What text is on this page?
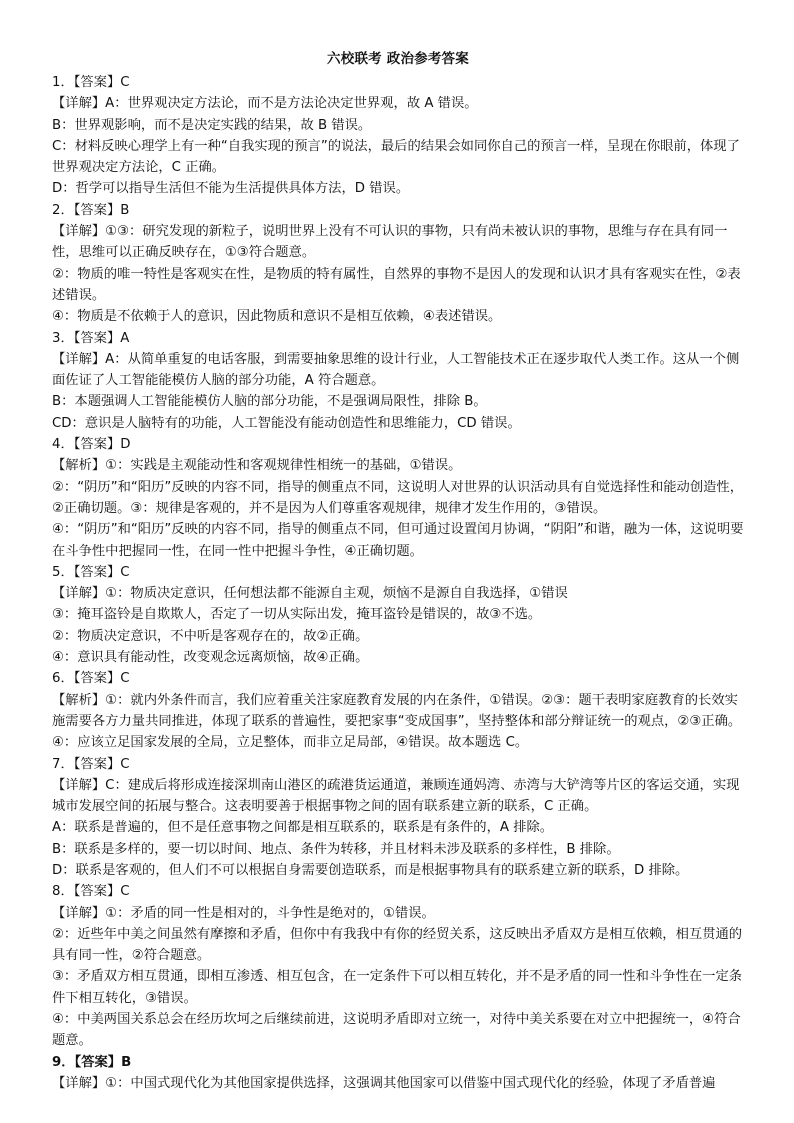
六校联考 政治参考答案

1．【答案】C

【详解】A：世界观决定方法论，而不是方法论决定世界观，故 A 错误。

B：世界观影响，而不是决定实践的结果，故 B 错误。

C：材料反映心理学上有一种“自我实现的预言”的说法，最后的结果会如同你自己的预言一样，呈现在你眼前，体现了世界观决定方法论，C 正确。

D：哲学可以指导生活但不能为生活提供具体方法，D 错误。

2．【答案】B

【详解】①③：研究发现的新粒子，说明世界上没有不可认识的事物，只有尚未被认识的事物，思维与存在具有同一性，思维可以正确反映存在，①③符合题意。

②：物质的唯一特性是客观实在性，是物质的特有属性，自然界的事物不是因人的发现和认识才具有客观实在性，②表述错误。

④：物质是不依赖于人的意识，因此物质和意识不是相互依赖，④表述错误。

3．【答案】A

【详解】A：从简单重复的电话客服，到需要抽象思维的设计行业，人工智能技术正在逐步取代人类工作。这从一个侧面佐证了人工智能能模仿人脑的部分功能，A 符合题意。

B：本题强调人工智能能模仿人脑的部分功能，不是强调局限性，排除 B。

CD：意识是人脑特有的功能，人工智能没有能动创造性和思维能力，CD 错误。

4．【答案】D

【解析】①：实践是主观能动性和客观规律性相统一的基础，①错误。

②：“阴历”和“阳历”反映的内容不同，指导的侧重点不同，这说明人对世界的认识活动具有自觉选择性和能动创造性，②正确切题。③：规律是客观的，并不是因为人们尊重客观规律，规律才发生作用的，③错误。

④：“阴历”和“阳历”反映的内容不同，指导的侧重点不同，但可通过设置闰月协调，“阴阳”和谐，融为一体，这说明要在斗争性中把握同一性，在同一性中把握斗争性，④正确切题。

5．【答案】C

【详解】①：物质决定意识，任何想法都不能源自主观，烦恼不是源自自我选择，①错误

③：掩耳盗铃是自欺欺人，否定了一切从实际出发，掩耳盗铃是错误的，故③不选。

②：物质决定意识，不中听是客观存在的，故②正确。

④：意识具有能动性，改变观念远离烦恼，故④正确。

6．【答案】C

【解析】①：就内外条件而言，我们应着重关注家庭教育发展的内在条件，①错误。②③：题干表明家庭教育的长效实施需要各方力量共同推进，体现了联系的普遍性，要把家事“变成国事”，坚持整体和部分辩证统一的观点，②③正确。④：应该立足国家发展的全局，立足整体，而非立足局部，④错误。故本题选 C。

7．【答案】C

【详解】C：建成后将形成连接深圳南山港区的疏港货运通道，兼顾连通妈湾、赤湾与大铲湾等片区的客运交通，实现城市发展空间的拓展与整合。这表明要善于根据事物之间的固有联系建立新的联系，C 正确。

A：联系是普遍的，但不是任意事物之间都是相互联系的，联系是有条件的，A 排除。

B：联系是多样的，要一切以时间、地点、条件为转移，并且材料未涉及联系的多样性，B 排除。

D：联系是客观的，但人们不可以根据自身需要创造联系，而是根据事物具有的联系建立新的联系，D 排除。

8．【答案】C

【详解】①：矛盾的同一性是相对的，斗争性是绝对的，①错误。

②：近些年中美之间虽然有摩擦和矛盾，但你中有我我中有你的经贸关系，这反映出矛盾双方是相互依赖，相互贯通的具有同一性，②符合题意。

③：矛盾双方相互贯通，即相互渗透、相互包含，在一定条件下可以相互转化，并不是矛盾的同一性和斗争性在一定条件下相互转化，③错误。

④：中美两国关系总会在经历坎坷之后继续前进，这说明矛盾即对立统一，对待中美关系要在对立中把握统一，④符合题意。

9．【答案】B

【详解】①：中国式现代化为其他国家提供选择，这强调其他国家可以借鉴中国式现代化的经验，体现了矛盾普遍
